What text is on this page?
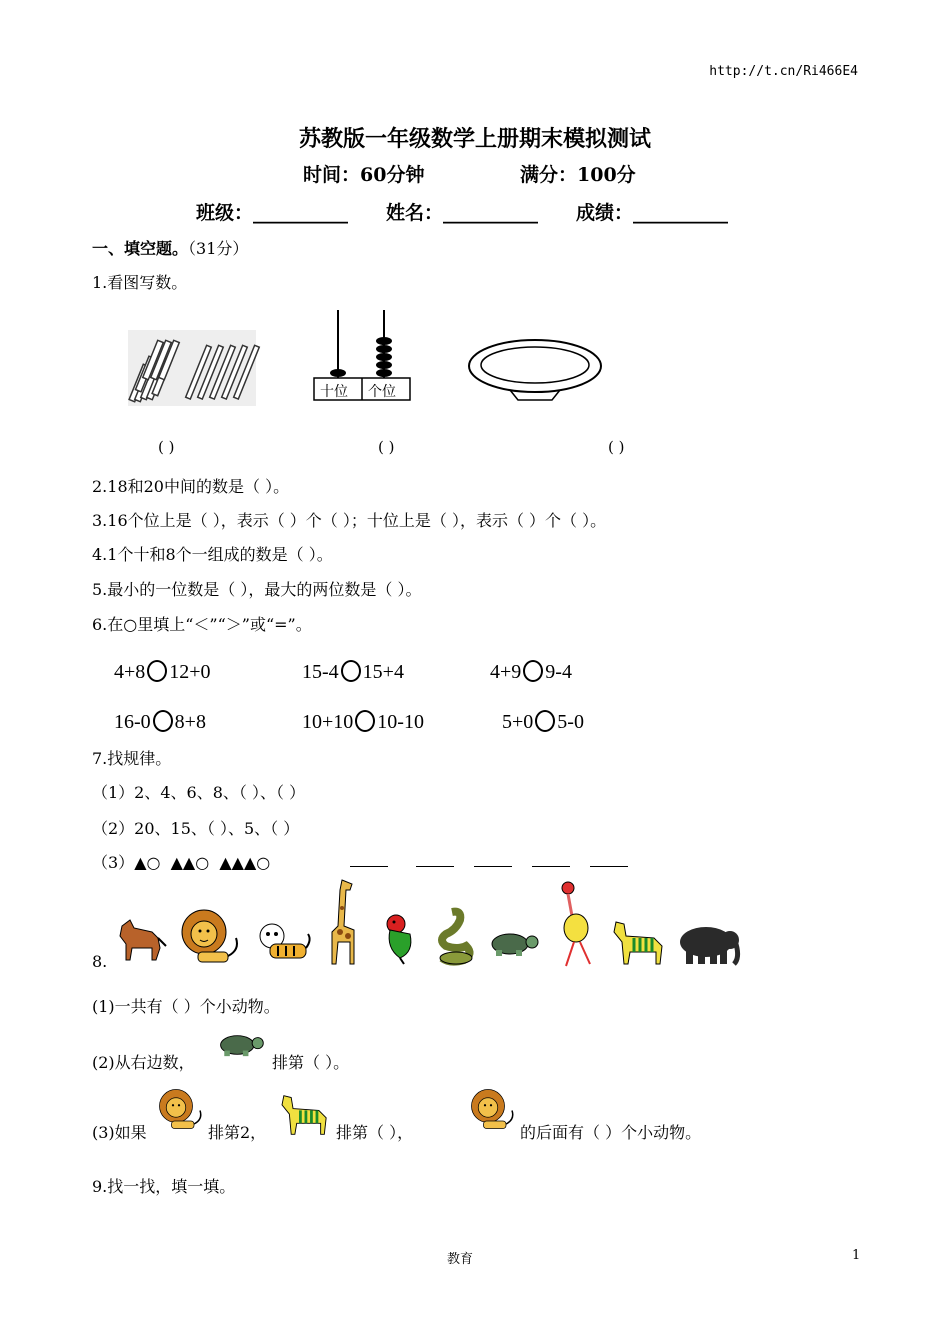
http://t.cn/Ri466E4
苏教版一年级数学上册期末模拟测试
时间：60分钟	满分：100分
班级：__________ 姓名：__________ 成绩：__________
一、填空题。（31分）
1.看图写数。
十位 个位
( )	( )	( )
2.18和20中间的数是（ ）。
3.16个位上是（ ），表示（ ）个（ ）；十位上是（ ），表示（ ）个（ ）。
4.1个十和8个一组成的数是（ ）。
5.最小的一位数是（ ），最大的两位数是（ ）。
6.在○里填上“＜”“＞”或“=”。
4+8 12+0	15-4 15+4	4+9 9-4
16-0 8+8	10+10 10-10	5+0 5-0
7.找规律。
（1）2、4、6、8、（ ）、（ ）
（2）20、15、（ ）、5、（ ）
（3）▲○ ▲▲○ ▲▲▲○
8.
(1)一共有（ ）个小动物。
(2)从右边数，	排第（ ）。
(3)如果	排第2，	排第（ ），	的后面有（ ）个小动物。
9.找一找，填一填。
教育	1
